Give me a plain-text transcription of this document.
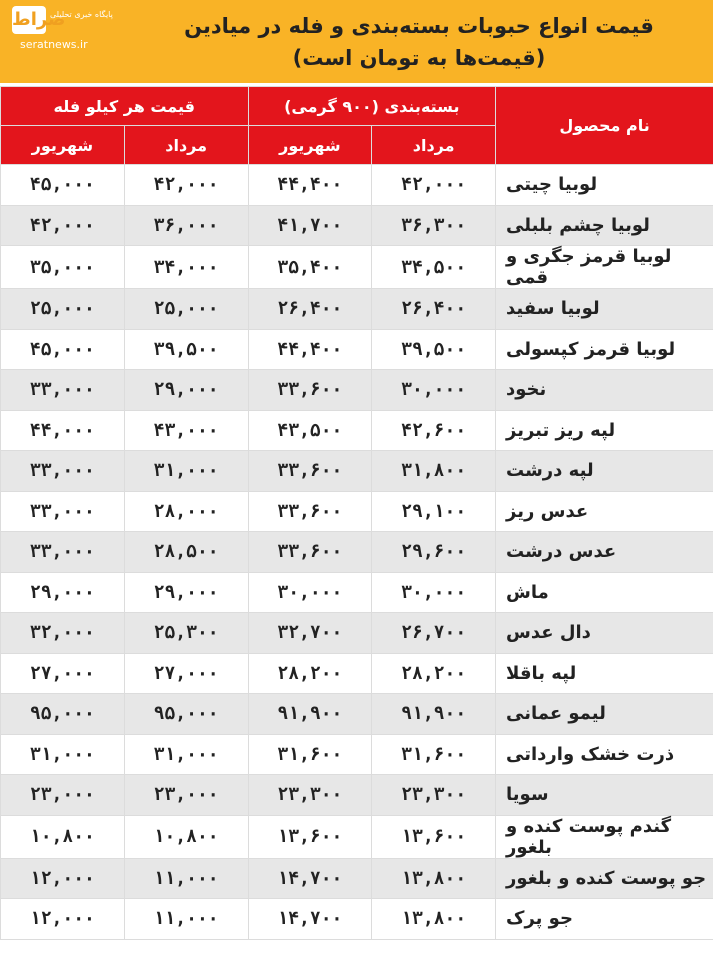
صراط
پایگاه خبری تحلیلی
seratnews.ir
قیمت انواع حبوبات بسته‌بندی و فله در میادین
(قیمت‌ها به تومان است)
نام محصول	بسته‌بندی (۹۰۰ گرمی)		قیمت هر کیلو فله	
	مرداد	شهریور	مرداد	شهریور
لوبیا چیتی	۴۲,۰۰۰	۴۴,۴۰۰	۴۲,۰۰۰	۴۵,۰۰۰
لوبیا چشم بلبلی	۳۶,۳۰۰	۴۱,۷۰۰	۳۶,۰۰۰	۴۲,۰۰۰
لوبیا قرمز جگری و قمی	۳۴,۵۰۰	۳۵,۴۰۰	۳۴,۰۰۰	۳۵,۰۰۰
لوبیا سفید	۲۶,۴۰۰	۲۶,۴۰۰	۲۵,۰۰۰	۲۵,۰۰۰
لوبیا قرمز کپسولی	۳۹,۵۰۰	۴۴,۴۰۰	۳۹,۵۰۰	۴۵,۰۰۰
نخود	۳۰,۰۰۰	۳۳,۶۰۰	۲۹,۰۰۰	۳۳,۰۰۰
لپه ریز تبریز	۴۲,۶۰۰	۴۳,۵۰۰	۴۳,۰۰۰	۴۴,۰۰۰
لپه درشت	۳۱,۸۰۰	۳۳,۶۰۰	۳۱,۰۰۰	۳۳,۰۰۰
عدس ریز	۲۹,۱۰۰	۳۳,۶۰۰	۲۸,۰۰۰	۳۳,۰۰۰
عدس درشت	۲۹,۶۰۰	۳۳,۶۰۰	۲۸,۵۰۰	۳۳,۰۰۰
ماش	۳۰,۰۰۰	۳۰,۰۰۰	۲۹,۰۰۰	۲۹,۰۰۰
دال عدس	۲۶,۷۰۰	۳۲,۷۰۰	۲۵,۳۰۰	۳۲,۰۰۰
لپه باقلا	۲۸,۲۰۰	۲۸,۲۰۰	۲۷,۰۰۰	۲۷,۰۰۰
لیمو عمانی	۹۱,۹۰۰	۹۱,۹۰۰	۹۵,۰۰۰	۹۵,۰۰۰
ذرت خشک وارداتی	۳۱,۶۰۰	۳۱,۶۰۰	۳۱,۰۰۰	۳۱,۰۰۰
سویا	۲۳,۳۰۰	۲۳,۳۰۰	۲۳,۰۰۰	۲۳,۰۰۰
گندم پوست کنده و بلغور	۱۳,۶۰۰	۱۳,۶۰۰	۱۰,۸۰۰	۱۰,۸۰۰
جو پوست کنده و بلغور	۱۳,۸۰۰	۱۴,۷۰۰	۱۱,۰۰۰	۱۲,۰۰۰
جو پرک	۱۳,۸۰۰	۱۴,۷۰۰	۱۱,۰۰۰	۱۲,۰۰۰
